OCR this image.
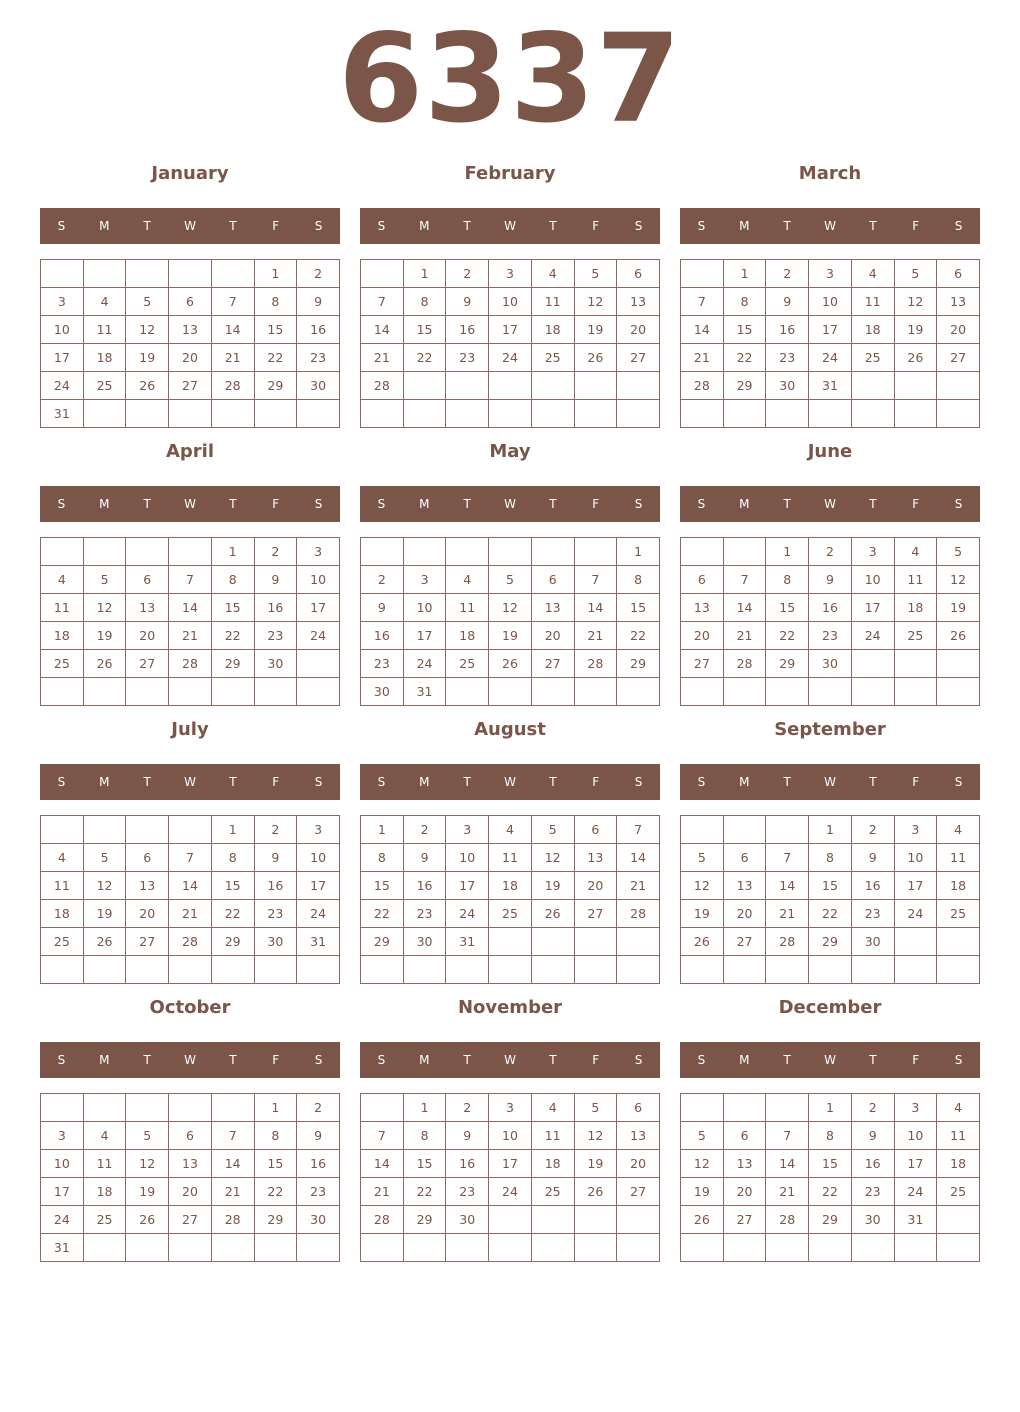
6337
January
S	M	T	W	T	F	S
					1	2
3	4	5	6	7	8	9
10	11	12	13	14	15	16
17	18	19	20	21	22	23
24	25	26	27	28	29	30
31						
February
S	M	T	W	T	F	S
	1	2	3	4	5	6
7	8	9	10	11	12	13
14	15	16	17	18	19	20
21	22	23	24	25	26	27
28						

March
S	M	T	W	T	F	S
	1	2	3	4	5	6
7	8	9	10	11	12	13
14	15	16	17	18	19	20
21	22	23	24	25	26	27
28	29	30	31			

April
S	M	T	W	T	F	S
				1	2	3
4	5	6	7	8	9	10
11	12	13	14	15	16	17
18	19	20	21	22	23	24
25	26	27	28	29	30	

May
S	M	T	W	T	F	S
						1
2	3	4	5	6	7	8
9	10	11	12	13	14	15
16	17	18	19	20	21	22
23	24	25	26	27	28	29
30	31					
June
S	M	T	W	T	F	S
		1	2	3	4	5
6	7	8	9	10	11	12
13	14	15	16	17	18	19
20	21	22	23	24	25	26
27	28	29	30			

July
S	M	T	W	T	F	S
				1	2	3
4	5	6	7	8	9	10
11	12	13	14	15	16	17
18	19	20	21	22	23	24
25	26	27	28	29	30	31

August
S	M	T	W	T	F	S
1	2	3	4	5	6	7
8	9	10	11	12	13	14
15	16	17	18	19	20	21
22	23	24	25	26	27	28
29	30	31				

September
S	M	T	W	T	F	S
			1	2	3	4
5	6	7	8	9	10	11
12	13	14	15	16	17	18
19	20	21	22	23	24	25
26	27	28	29	30		

October
S	M	T	W	T	F	S
					1	2
3	4	5	6	7	8	9
10	11	12	13	14	15	16
17	18	19	20	21	22	23
24	25	26	27	28	29	30
31						
November
S	M	T	W	T	F	S
	1	2	3	4	5	6
7	8	9	10	11	12	13
14	15	16	17	18	19	20
21	22	23	24	25	26	27
28	29	30				

December
S	M	T	W	T	F	S
			1	2	3	4
5	6	7	8	9	10	11
12	13	14	15	16	17	18
19	20	21	22	23	24	25
26	27	28	29	30	31	
